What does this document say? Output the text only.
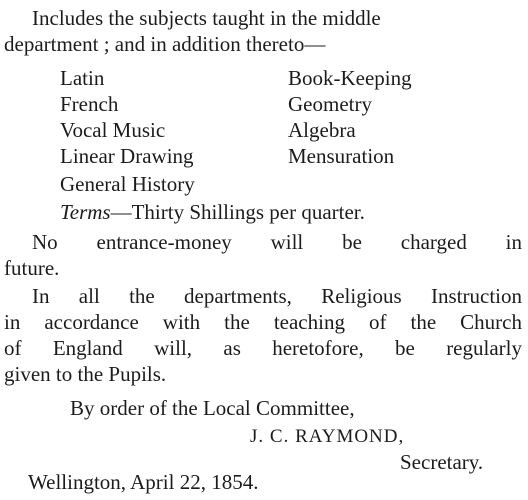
Includes the subjects taught in the middle
department ; and in addition thereto—
Latin
French
Vocal Music
Linear Drawing
General History
Book-Keeping
Geometry
Algebra
Mensuration
Terms—Thirty Shillings per quarter.
No entrance-money will be charged in
future.
In all the departments, Religious Instruction
in accordance with the teaching of the Church
of England will, as heretofore, be regularly
given to the Pupils.
By order of the Local Committee,
J. C. RAYMOND,
Secretary.
Wellington, April 22, 1854.
